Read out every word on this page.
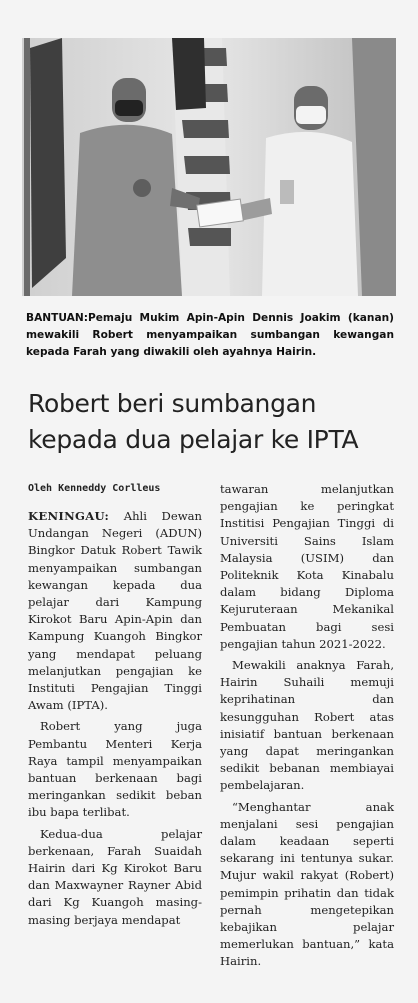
BANTUAN:Pemaju Mukim Apin-Apin Dennis Joakim (kanan) mewakili Robert menyampaikan sumbangan kewangan kepada Farah yang diwakili oleh ayahnya Hairin.
Robert beri sumbangan kepada dua pelajar ke IPTA
Oleh Kenneddy Corlleus

KENINGAU: Ahli Dewan Undangan Negeri (ADUN) Bingkor Datuk Robert Tawik menyampaikan sumbangan kewangan kepada dua pelajar dari Kampung Kirokot Baru Apin-Apin dan Kampung Kuangoh Bingkor yang mendapat peluang melanjutkan pengajian ke Instituti Pengajian Tinggi Awam (IPTA).

Robert yang juga Pembantu Menteri Kerja Raya tampil menyampaikan bantuan berkenaan bagi meringankan sedikit beban ibu bapa terlibat.

Kedua-dua pelajar berkenaan, Farah Suaidah Hairin dari Kg Kirokot Baru dan Maxwayner Rayner Abid dari Kg Kuangoh masing-masing berjaya mendapat

tawaran melanjutkan pengajian ke peringkat Institisi Pengajian Tinggi di Universiti Sains Islam Malaysia (USIM) dan Politeknik Kota Kinabalu dalam bidang Diploma Kejuruteraan Mekanikal Pembuatan bagi sesi pengajian tahun 2021-2022.

Mewakili anaknya Farah, Hairin Suhaili memuji keprihatinan dan kesungguhan Robert atas inisiatif bantuan berkenaan yang dapat meringankan sedikit bebanan membiayai pembelajaran.

“Menghantar anak menjalani sesi pengajian dalam keadaan seperti sekarang ini tentunya sukar. Mujur wakil rakyat (Robert) pemimpin prihatin dan tidak pernah mengetepikan kebajikan pelajar memerlukan bantuan,” kata Hairin.
